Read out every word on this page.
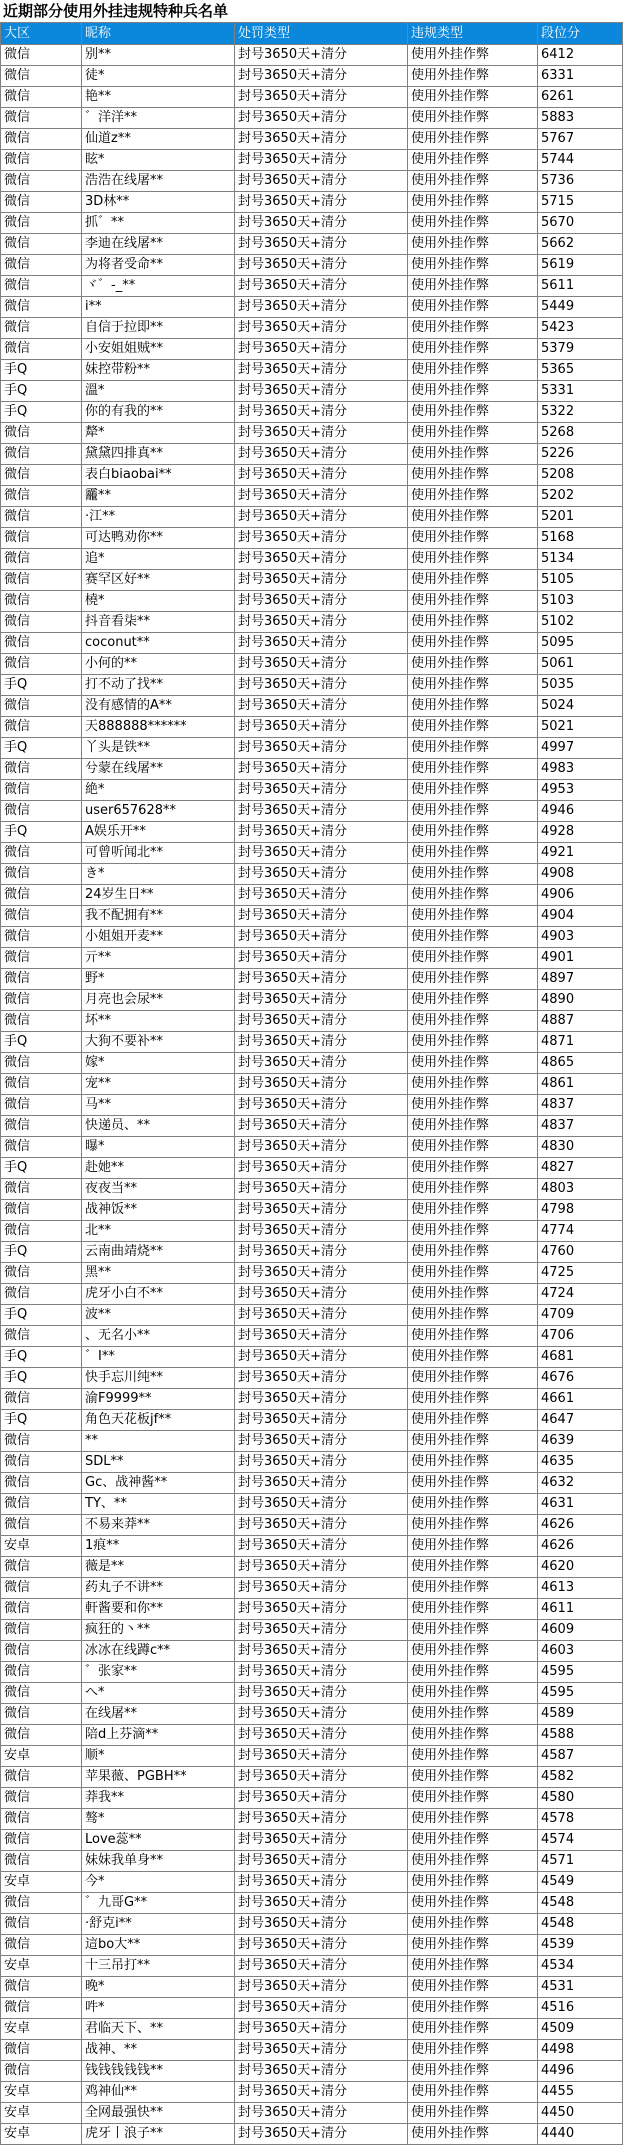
近期部分使用外挂违规特种兵名单
大区	昵称	处罚类型	违规类型	段位分
微信	别**	封号3650天+清分	使用外挂作弊	6412
微信	徒*	封号3650天+清分	使用外挂作弊	6331
微信	艳**	封号3650天+清分	使用外挂作弊	6261
微信	゛洋洋**	封号3650天+清分	使用外挂作弊	5883
微信	仙道z**	封号3650天+清分	使用外挂作弊	5767
微信	眩*	封号3650天+清分	使用外挂作弊	5744
微信	浩浩在线屠**	封号3650天+清分	使用外挂作弊	5736
微信	3D林**	封号3650天+清分	使用外挂作弊	5715
微信	抓゛**	封号3650天+清分	使用外挂作弊	5670
微信	李迪在线屠**	封号3650天+清分	使用外挂作弊	5662
微信	为将者受命**	封号3650天+清分	使用外挂作弊	5619
微信	ヾ゛-_**	封号3650天+清分	使用外挂作弊	5611
微信	i**	封号3650天+清分	使用外挂作弊	5449
微信	自信于拉即**	封号3650天+清分	使用外挂作弊	5423
微信	小安姐姐贼**	封号3650天+清分	使用外挂作弊	5379
手Q	妹控带粉**	封号3650天+清分	使用外挂作弊	5365
手Q	溫*	封号3650天+清分	使用外挂作弊	5331
手Q	你的有我的**	封号3650天+清分	使用外挂作弊	5322
微信	犛*	封号3650天+清分	使用外挂作弊	5268
微信	黛黛四排真**	封号3650天+清分	使用外挂作弊	5226
微信	表白biaobai**	封号3650天+清分	使用外挂作弊	5208
微信	龗**	封号3650天+清分	使用外挂作弊	5202
微信	·江**	封号3650天+清分	使用外挂作弊	5201
微信	可达鸭劝你**	封号3650天+清分	使用外挂作弊	5168
微信	追*	封号3650天+清分	使用外挂作弊	5134
微信	赛罕区好**	封号3650天+清分	使用外挂作弊	5105
微信	橈*	封号3650天+清分	使用外挂作弊	5103
微信	抖音看柒**	封号3650天+清分	使用外挂作弊	5102
微信	coconut**	封号3650天+清分	使用外挂作弊	5095
微信	小何的**	封号3650天+清分	使用外挂作弊	5061
手Q	打不动了找**	封号3650天+清分	使用外挂作弊	5035
微信	没有感情的A**	封号3650天+清分	使用外挂作弊	5024
微信	天888888******	封号3650天+清分	使用外挂作弊	5021
手Q	丫头是铁**	封号3650天+清分	使用外挂作弊	4997
微信	兮蒙在线屠**	封号3650天+清分	使用外挂作弊	4983
微信	絶*	封号3650天+清分	使用外挂作弊	4953
微信	user657628**	封号3650天+清分	使用外挂作弊	4946
手Q	A娱乐开**	封号3650天+清分	使用外挂作弊	4928
微信	可曾听闻北**	封号3650天+清分	使用外挂作弊	4921
微信	き*	封号3650天+清分	使用外挂作弊	4908
微信	24岁生日**	封号3650天+清分	使用外挂作弊	4906
微信	我不配拥有**	封号3650天+清分	使用外挂作弊	4904
微信	小姐姐开麦**	封号3650天+清分	使用外挂作弊	4903
微信	亓**	封号3650天+清分	使用外挂作弊	4901
微信	野*	封号3650天+清分	使用外挂作弊	4897
微信	月亮也会尿**	封号3650天+清分	使用外挂作弊	4890
微信	坏**	封号3650天+清分	使用外挂作弊	4887
手Q	大狗不要补**	封号3650天+清分	使用外挂作弊	4871
微信	嫁*	封号3650天+清分	使用外挂作弊	4865
微信	宠**	封号3650天+清分	使用外挂作弊	4861
微信	马**	封号3650天+清分	使用外挂作弊	4837
微信	快递员、**	封号3650天+清分	使用外挂作弊	4837
微信	曝*	封号3650天+清分	使用外挂作弊	4830
手Q	赴她**	封号3650天+清分	使用外挂作弊	4827
微信	夜夜当**	封号3650天+清分	使用外挂作弊	4803
微信	战神饭**	封号3650天+清分	使用外挂作弊	4798
微信	北**	封号3650天+清分	使用外挂作弊	4774
手Q	云南曲靖烧**	封号3650天+清分	使用外挂作弊	4760
微信	黑**	封号3650天+清分	使用外挂作弊	4725
微信	虎牙小白不**	封号3650天+清分	使用外挂作弊	4724
手Q	波**	封号3650天+清分	使用外挂作弊	4709
微信	、无名小**	封号3650天+清分	使用外挂作弊	4706
手Q	゛I**	封号3650天+清分	使用外挂作弊	4681
手Q	快手忘川纯**	封号3650天+清分	使用外挂作弊	4676
微信	渝F9999**	封号3650天+清分	使用外挂作弊	4661
手Q	角色天花板jf**	封号3650天+清分	使用外挂作弊	4647
微信	**	封号3650天+清分	使用外挂作弊	4639
微信	SDL**	封号3650天+清分	使用外挂作弊	4635
微信	Gc、战神酱**	封号3650天+清分	使用外挂作弊	4632
微信	TY、**	封号3650天+清分	使用外挂作弊	4631
微信	不易来莽**	封号3650天+清分	使用外挂作弊	4626
安卓	1痕**	封号3650天+清分	使用外挂作弊	4626
微信	薇是**	封号3650天+清分	使用外挂作弊	4620
微信	药丸子不讲**	封号3650天+清分	使用外挂作弊	4613
微信	軒酱要和你**	封号3650天+清分	使用外挂作弊	4611
微信	疯狂的丶**	封号3650天+清分	使用外挂作弊	4609
微信	冰冰在线蹲c**	封号3650天+清分	使用外挂作弊	4603
微信	゛张家**	封号3650天+清分	使用外挂作弊	4595
微信	へ*	封号3650天+清分	使用外挂作弊	4595
微信	在线屠**	封号3650天+清分	使用外挂作弊	4589
微信	陪d上芬滴**	封号3650天+清分	使用外挂作弊	4588
安卓	顺*	封号3650天+清分	使用外挂作弊	4587
微信	苹果薇、PGBH**	封号3650天+清分	使用外挂作弊	4582
微信	莽我**	封号3650天+清分	使用外挂作弊	4580
微信	骜*	封号3650天+清分	使用外挂作弊	4578
微信	Love蕊**	封号3650天+清分	使用外挂作弊	4574
微信	妹妹我单身**	封号3650天+清分	使用外挂作弊	4571
安卓	今*	封号3650天+清分	使用外挂作弊	4549
微信	゛九哥G**	封号3650天+清分	使用外挂作弊	4548
微信	·舒克i**	封号3650天+清分	使用外挂作弊	4548
微信	這bo大**	封号3650天+清分	使用外挂作弊	4539
安卓	十三吊打**	封号3650天+清分	使用外挂作弊	4534
微信	晚*	封号3650天+清分	使用外挂作弊	4531
微信	吽*	封号3650天+清分	使用外挂作弊	4516
安卓	君临天下、**	封号3650天+清分	使用外挂作弊	4509
微信	战神、**	封号3650天+清分	使用外挂作弊	4498
微信	钱钱钱钱钱**	封号3650天+清分	使用外挂作弊	4496
安卓	鸡神仙**	封号3650天+清分	使用外挂作弊	4455
安卓	全网最强快**	封号3650天+清分	使用外挂作弊	4450
安卓	虎牙丨浪子**	封号3650天+清分	使用外挂作弊	4440
